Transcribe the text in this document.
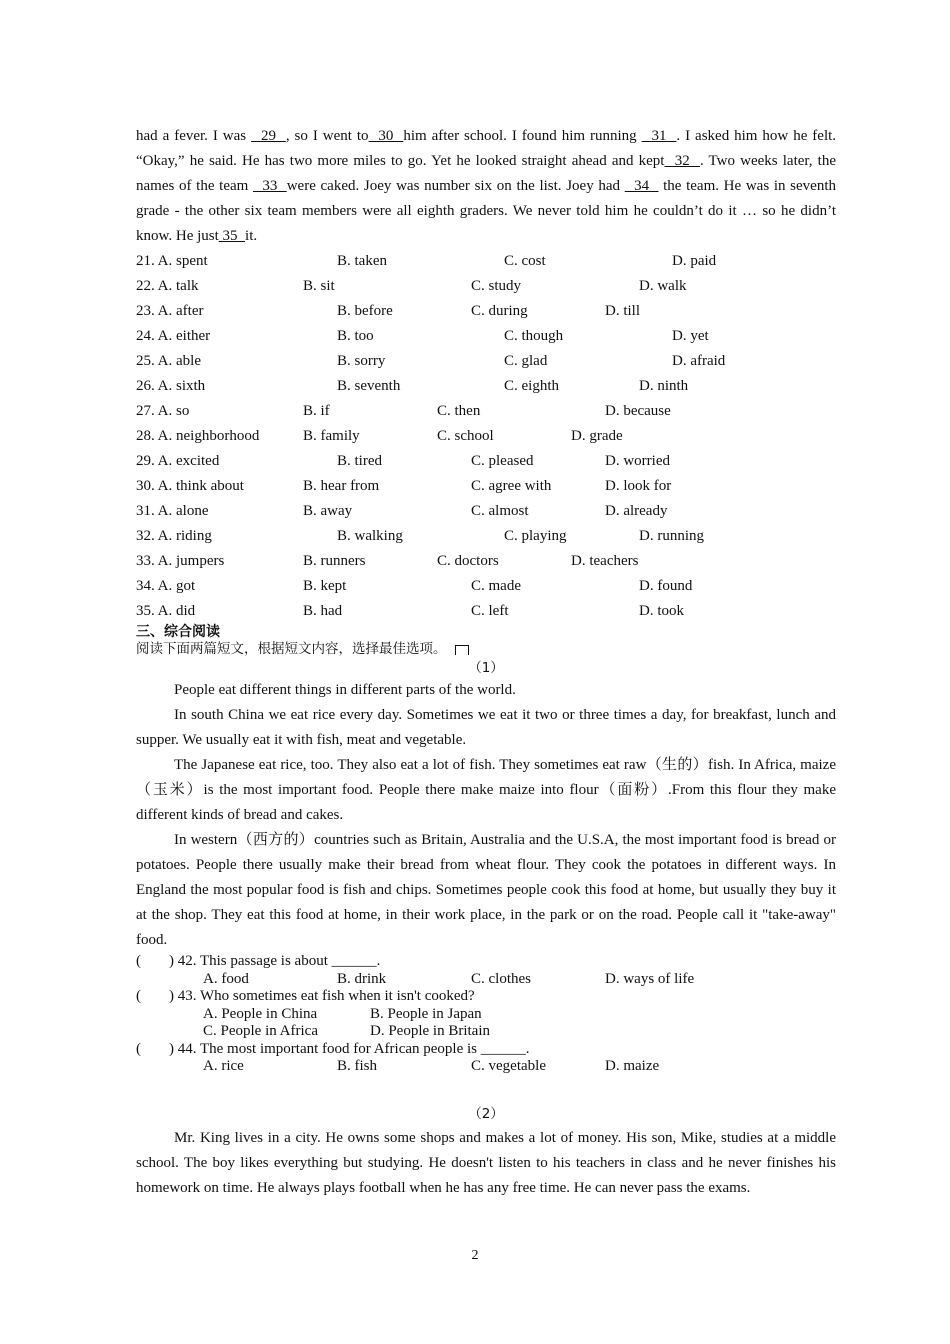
had a fever. I was   29  , so I went to  30  him after school. I found him running   31  . I asked him how he felt. “Okay,” he said. He has two more miles to go. Yet he looked straight ahead and kept  32  . Two weeks later, the names of the team   33  were caked. Joey was number six on the list. Joey had   34   the team. He was in seventh grade - the other six team members were all eighth graders. We never told him he couldn’t do it … so he didn’t know. He just 35  it.

21. A. spent	B. taken	C. cost	D. paid
22. A. talk	B. sit	C. study	D. walk
23. A. after	B. before	C. during	D. till
24. A. either	B. too	C. though	D. yet
25. A. able	B. sorry	C. glad	D. afraid
26. A. sixth	B. seventh	C. eighth	D. ninth
27. A. so	B. if	C. then	D. because
28. A. neighborhood	B. family	C. school	D. grade
29. A. excited	B. tired	C. pleased	D. worried
30. A. think about	B. hear from	C. agree with	D. look for
31. A. alone	B. away	C. almost	D. already
32. A. riding	B. walking	C. playing	D. running
33. A. jumpers	B. runners	C. doctors	D. teachers
34. A. got	B. kept	C. made	D. found
35. A. did	B. had	C. left	D. took
三、综合阅读
阅读下面两篇短文，根据短文内容，选择最佳选项。
（1）

People eat different things in different parts of the world.

In south China we eat rice every day. Sometimes we eat it two or three times a day, for breakfast, lunch and supper. We usually eat it with fish, meat and vegetable.

The Japanese eat rice, too. They also eat a lot of fish. They sometimes eat raw（生的）fish. In Africa, maize（玉米）is the most important food. People there make maize into flour（面粉）.From this flour they make different kinds of bread and cakes.

In western（西方的）countries such as Britain, Australia and the U.S.A, the most important food is bread or potatoes. People there usually make their bread from wheat flour. They cook the potatoes in different ways. In England the most popular food is fish and chips. Sometimes people cook this food at home, but usually they buy it at the shop. They eat this food at home, in their work place, in the park or on the road. People call it "take-away" food.

( ) 42. This passage is about ______.
A. food	B. drink	C. clothes	D. ways of life
( ) 43. Who sometimes eat fish when it isn't cooked?
A. People in China	B. People in Japan
C. People in Africa	D. People in Britain
( ) 44. The most important food for African people is ______.
A. rice	B. fish	C. vegetable	D. maize
（2）

Mr. King lives in a city. He owns some shops and makes a lot of money. His son, Mike, studies at a middle school. The boy likes everything but studying. He doesn't listen to his teachers in class and he never finishes his homework on time. He always plays football when he has any free time. He can never pass the exams.

2
